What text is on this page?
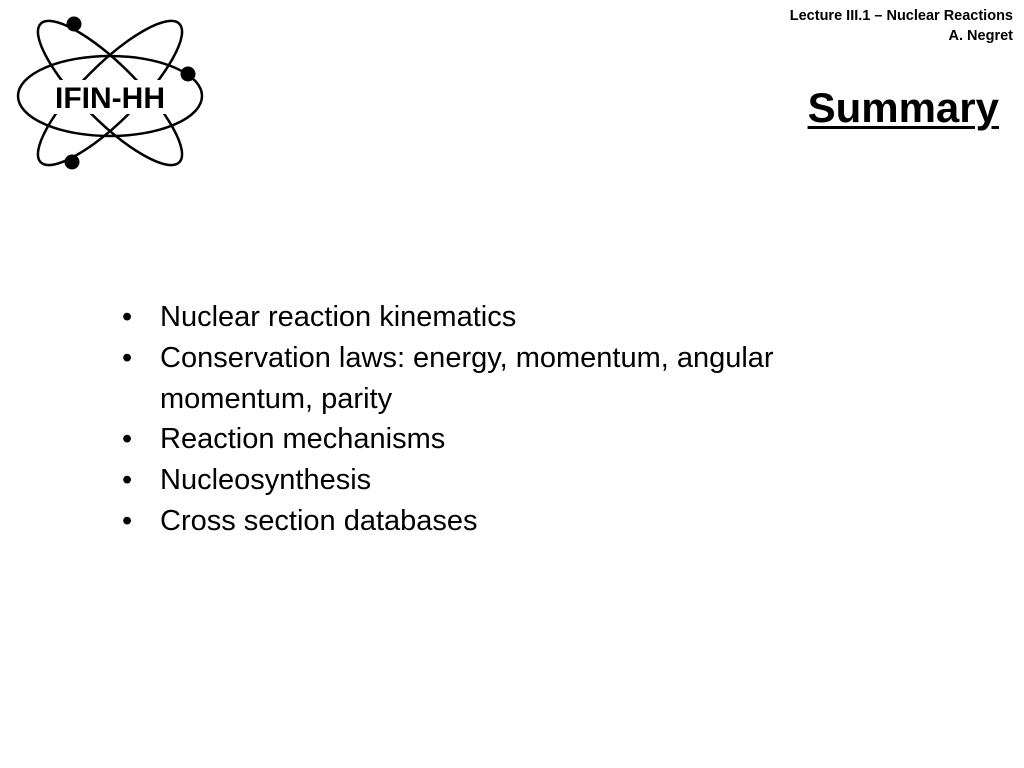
IFIN-HH
Lecture III.1 – Nuclear Reactions
A. Negret
Summary
• Nuclear reaction kinematics
• Conservation laws: energy, momentum, angular momentum, parity
• Reaction mechanisms
• Nucleosynthesis
• Cross section databases
